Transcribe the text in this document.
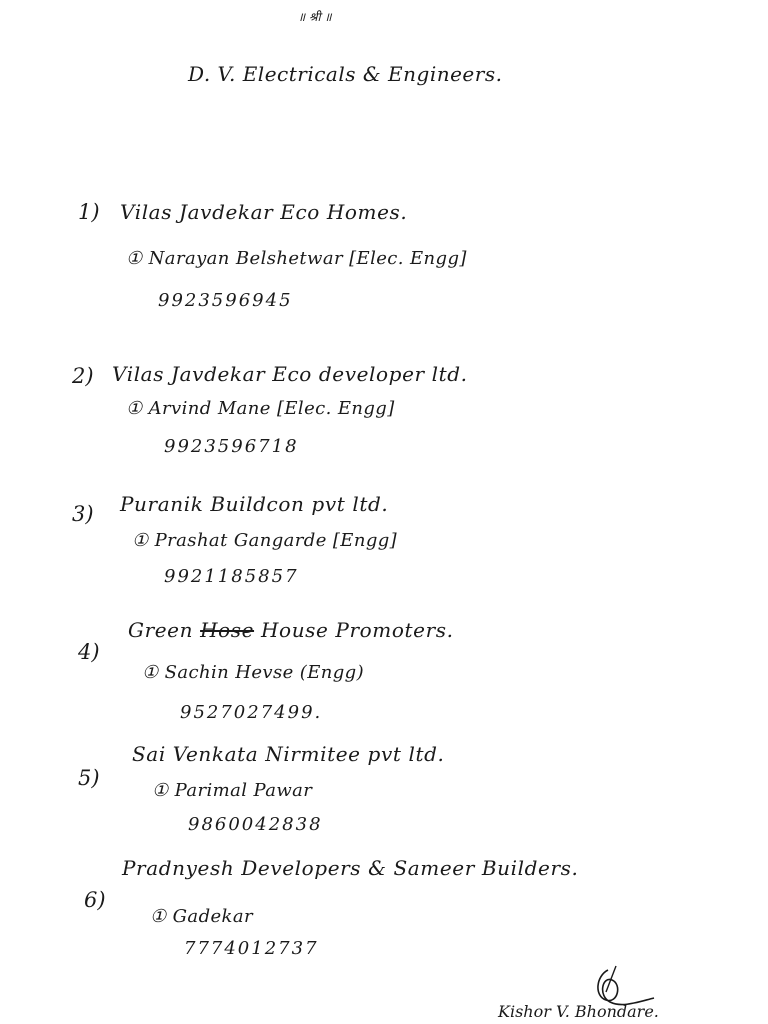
॥ श्री ॥
D. V. Electricals & Engineers.
1) Vilas Javdekar Eco Homes.
① Narayan Belshetwar [Elec. Engg]
9923596945
2) Vilas Javdekar Eco developer ltd.
① Arvind Mane [Elec. Engg]
9923596718
3) Puranik Buildcon pvt ltd.
① Prashat Gangarde [Engg]
9921185857
4)
Green Hose House Promoters.
① Sachin Hevse (Engg)
9527027499.
5)
Sai Venkata Nirmitee pvt ltd.
① Parimal Pawar
9860042838
6)
Pradnyesh Developers & Sameer Builders.
① Gadekar
7774012737
Kishor V. Bhondare.
